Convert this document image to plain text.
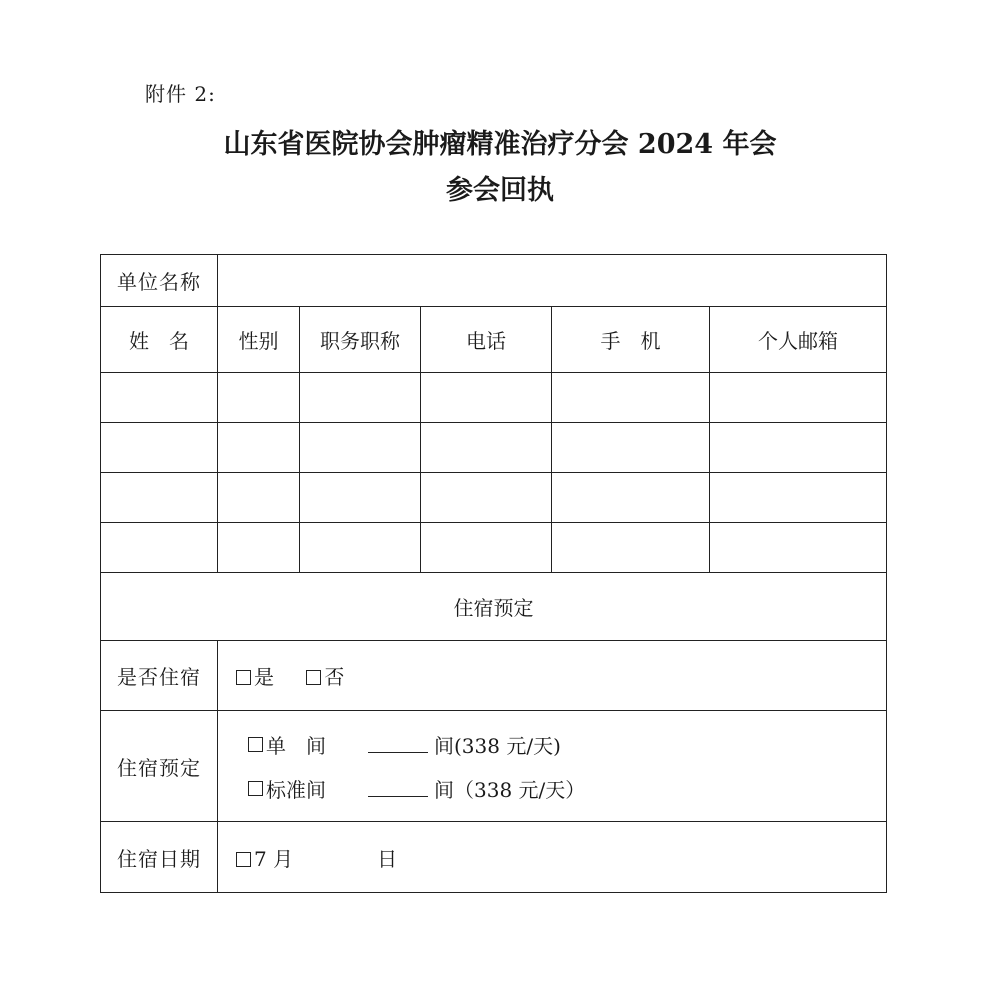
附件 2:
山东省医院协会肿瘤精准治疗分会 2024 年会
参会回执
单位名称					
姓　名	性别	职务职称	电话	手　机	个人邮箱

住宿预定					
是否住宿	是 否				
住宿预定	单　间 间(338 元/天)
标准间 间（338 元/天）				

住宿日期	7 月 日				
